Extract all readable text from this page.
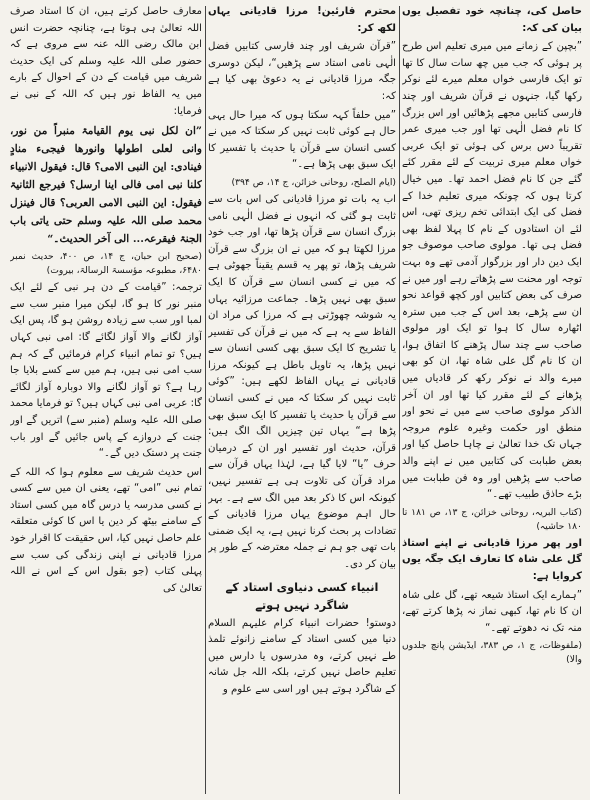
حاصل کی، چنانچہ خود تفصیل یوں بیان کی کہ:

”بچپن کے زمانے میں میری تعلیم اس طرح پر ہوئی کہ جب میں چھ سات سال کا تھا تو ایک فارسی خواں معلم میرے لئے نوکر رکھا گیا، جنہوں نے قرآن شریف اور چند فارسی کتابیں مجھے پڑھائیں اور اس بزرگ کا نام فضل الٰہی تھا اور جب میری عمر تقریباً دس برس کی ہوئی تو ایک عربی خواں معلم میری تربیت کے لئے مقرر کئے گئے جن کا نام فضل احمد تھا۔ میں خیال کرتا ہوں کہ چونکہ میری تعلیم خدا کے فضل کی ایک ابتدائی تخم ریزی تھی، اس لئے ان استادوں کے نام کا پہلا لفظ بھی فضل ہی تھا۔ مولوی صاحب موصوف جو ایک دین دار اور بزرگوار آدمی تھے وہ بہت توجہ اور محنت سے پڑھاتے رہے اور میں نے صرف کی بعض کتابیں اور کچھ قواعد نحو ان سے پڑھے، بعد اس کے جب میں سترہ اٹھارہ سال کا ہوا تو ایک اور مولوی صاحب سے چند سال پڑھنے کا اتفاق ہوا، ان کا نام گل علی شاہ تھا، ان کو بھی میرے والد نے نوکر رکھ کر قادیاں میں پڑھانے کے لئے مقرر کیا تھا اور ان آخر الذکر مولوی صاحب سے میں نے نحو اور منطق اور حکمت وغیرہ علوم مروجہ جہاں تک خدا تعالیٰ نے چاہا حاصل کیا اور بعض طبابت کی کتابیں میں نے اپنے والد صاحب سے پڑھیں اور وہ فن طبابت میں بڑے حاذق طبیب تھے۔“

(کتاب البریہ، روحانی خزائن، ج ۱۳، ص ۱۸۱ تا ۱۸۰ حاشیہ)

اور پھر مرزا قادیانی نے اپنے استاذ گل علی شاہ کا تعارف ایک جگہ یوں کروایا ہے:

”ہمارے ایک استاذ شیعہ تھے، گل علی شاہ ان کا نام تھا، کبھی نماز نہ پڑھا کرتے تھے، منہ تک نہ دھوتے تھے۔“

(ملفوظات، ج ۱، ص ۳۸۳، ایڈیشن پانچ جلدوں والا)

محترم قارئین! مرزا قادیانی یہاں لکھ کر:

”قرآن شریف اور چند فارسی کتابیں فضل الٰہی نامی استاد سے پڑھیں“، لیکن دوسری جگہ مرزا قادیانی نے یہ دعویٰ بھی کیا ہے کہ:

”میں حلفاً کہہ سکتا ہوں کہ میرا حال یہی حال ہے کوئی ثابت نہیں کر سکتا کہ میں نے کسی انسان سے قرآن یا حدیث یا تفسیر کا ایک سبق بھی پڑھا ہے۔“

(ایام الصلح، روحانی خزائن، ج ۱۴، ص ۳۹۴)

اب یہ بات تو مرزا قادیانی کی اس بات سے ثابت ہو گئی کہ انہوں نے فضل الٰہی نامی بزرگ انسان سے قرآن پڑھا تھا، اور جب خود مرزا لکھتا ہو کہ میں نے ان بزرگ سے قرآن شریف پڑھا، تو پھر یہ قسم یقیناً جھوٹی ہے کہ میں نے کسی انسان سے قرآن کا ایک سبق بھی نہیں پڑھا۔ جماعت مرزائیہ یہاں یہ شوشہ چھوڑتی ہے کہ مرزا کی مراد ان الفاظ سے یہ ہے کہ میں نے قرآن کی تفسیر یا تشریح کا ایک سبق بھی کسی انسان سے نہیں پڑھا، یہ تاویل باطل ہے کیونکہ مرزا قادیانی نے یہاں الفاظ لکھے ہیں: ”کوئی ثابت نہیں کر سکتا کہ میں نے کسی انسان سے قرآن یا حدیث یا تفسیر کا ایک سبق بھی پڑھا ہے“ یہاں تین چیزیں الگ الگ ہیں: قرآن، حدیث اور تفسیر اور ان کے درمیان حرف ”یا“ لایا گیا ہے، لہٰذا یہاں قرآن سے مراد قرآن کی تلاوت ہی ہے تفسیر نہیں، کیونکہ اس کا ذکر بعد میں الگ سے ہے۔ بہر حال اہم موضوع یہاں مرزا قادیانی کے تضادات پر بحث کرنا نہیں ہے، یہ ایک ضمنی بات تھی جو ہم نے جملہ معترضہ کے طور پر بیان کر دی۔

انبیاء کسی دنیاوی استاد کے شاگرد نہیں ہوتے

دوستو! حضرات انبیاء کرام علیہم السلام دنیا میں کسی استاد کے سامنے زانوئے تلمذ طے نہیں کرتے، وہ مدرسوں یا دارس میں تعلیم حاصل نہیں کرتے، بلکہ اللہ جل شانہ کے شاگرد ہوتے ہیں اور اسی سے علوم و

معارف حاصل کرتے ہیں، ان کا استاد صرف اللہ تعالیٰ ہی ہوتا ہے، چنانچہ حضرت انس ابن مالک رضی اللہ عنہ سے مروی ہے کہ حضور صلی اللہ علیہ وسلم کی ایک حدیث شریف میں قیامت کے دن کے احوال کے بارے میں یہ الفاظ نور ہیں کہ اللہ کے نبی نے فرمایا:

”ان لکل نبی یوم القیامۃ منبراً من نور، وانی لعلی اطولھا وانورھا فیجیء منادٍ فینادی: این النبی الامی؟ قال: فیقول الانبیاء کلنا نبی امی فالی اینا ارسل؟ فیرجع الثانیۃ فیقول: این النبی الامی العربی؟ قال فینزل محمد صلی اللہ علیہ وسلم حتی یاتی باب الجنۃ فیقرعہ... الی آخر الحدیث۔“

(صحیح ابن حبان، ج ۱۴، ص ۴۰۰، حدیث نمبر ۶۴۸۰، مطبوعہ مؤسسۃ الرسالۃ، بیروت)

ترجمہ: ”قیامت کے دن ہر نبی کے لئے ایک منبر نور کا ہو گا، لیکن میرا منبر سب سے لمبا اور سب سے زیادہ روشن ہو گا، پس ایک آواز لگانے والا آواز لگائے گا: امی نبی کہاں ہیں؟ تو تمام انبیاء کرام فرمائیں گے کہ ہم سب امی نبی ہیں، ہم میں سے کسے بلایا جا رہا ہے؟ تو آواز لگانے والا دوبارہ آواز لگائے گا: عربی امی نبی کہاں ہیں؟ تو فرمایا محمد صلی اللہ علیہ وسلم (منبر سے) اتریں گے اور جنت کے دروازے کے پاس جائیں گے اور باب جنت پر دستک دیں گے۔“

اس حدیث شریف سے معلوم ہوا کہ اللہ کے تمام نبی ”امی“ تھے، یعنی ان میں سے کسی نے کسی مدرسہ یا درس گاہ میں کسی استاد کے سامنے بیٹھ کر دین یا اس کا کوئی متعلقہ علم حاصل نہیں کیا، اس حقیقت کا اقرار خود مرزا قادیانی نے اپنی زندگی کی سب سے پہلی کتاب (جو بقول اس کے اس نے اللہ تعالیٰ کی
